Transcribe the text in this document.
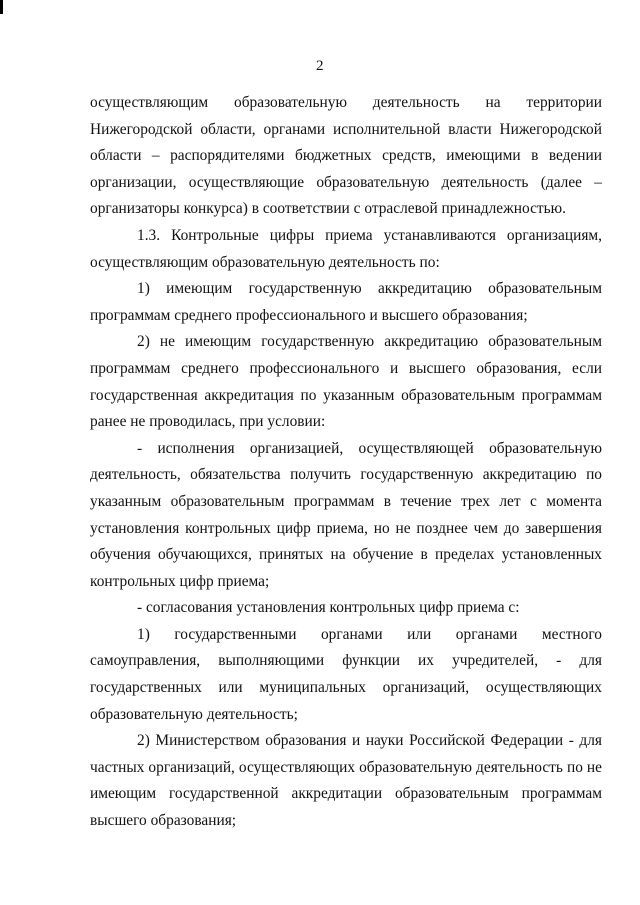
2

осуществляющим образовательную деятельность на территории Нижегородской области, органами исполнительной власти Нижегородской области – распорядителями бюджетных средств, имеющими в ведении организации, осуществляющие образовательную деятельность (далее – организаторы конкурса) в соответствии с отраслевой принадлежностью.

1.3. Контрольные цифры приема устанавливаются организациям, осуществляющим образовательную деятельность по:

1) имеющим государственную аккредитацию образовательным программам среднего профессионального и высшего образования;

2) не имеющим государственную аккредитацию образовательным программам среднего профессионального и высшего образования, если государственная аккредитация по указанным образовательным программам ранее не проводилась, при условии:

- исполнения организацией, осуществляющей образовательную деятельность, обязательства получить государственную аккредитацию по указанным образовательным программам в течение трех лет с момента установления контрольных цифр приема, но не позднее чем до завершения обучения обучающихся, принятых на обучение в пределах установленных контрольных цифр приема;

- согласования установления контрольных цифр приема с:

1) государственными органами или органами местного самоуправления, выполняющими функции их учредителей, - для государственных или муниципальных организаций, осуществляющих образовательную деятельность;

2) Министерством образования и науки Российской Федерации - для частных организаций, осуществляющих образовательную деятельность по не имеющим государственной аккредитации образовательным программам высшего образования;
